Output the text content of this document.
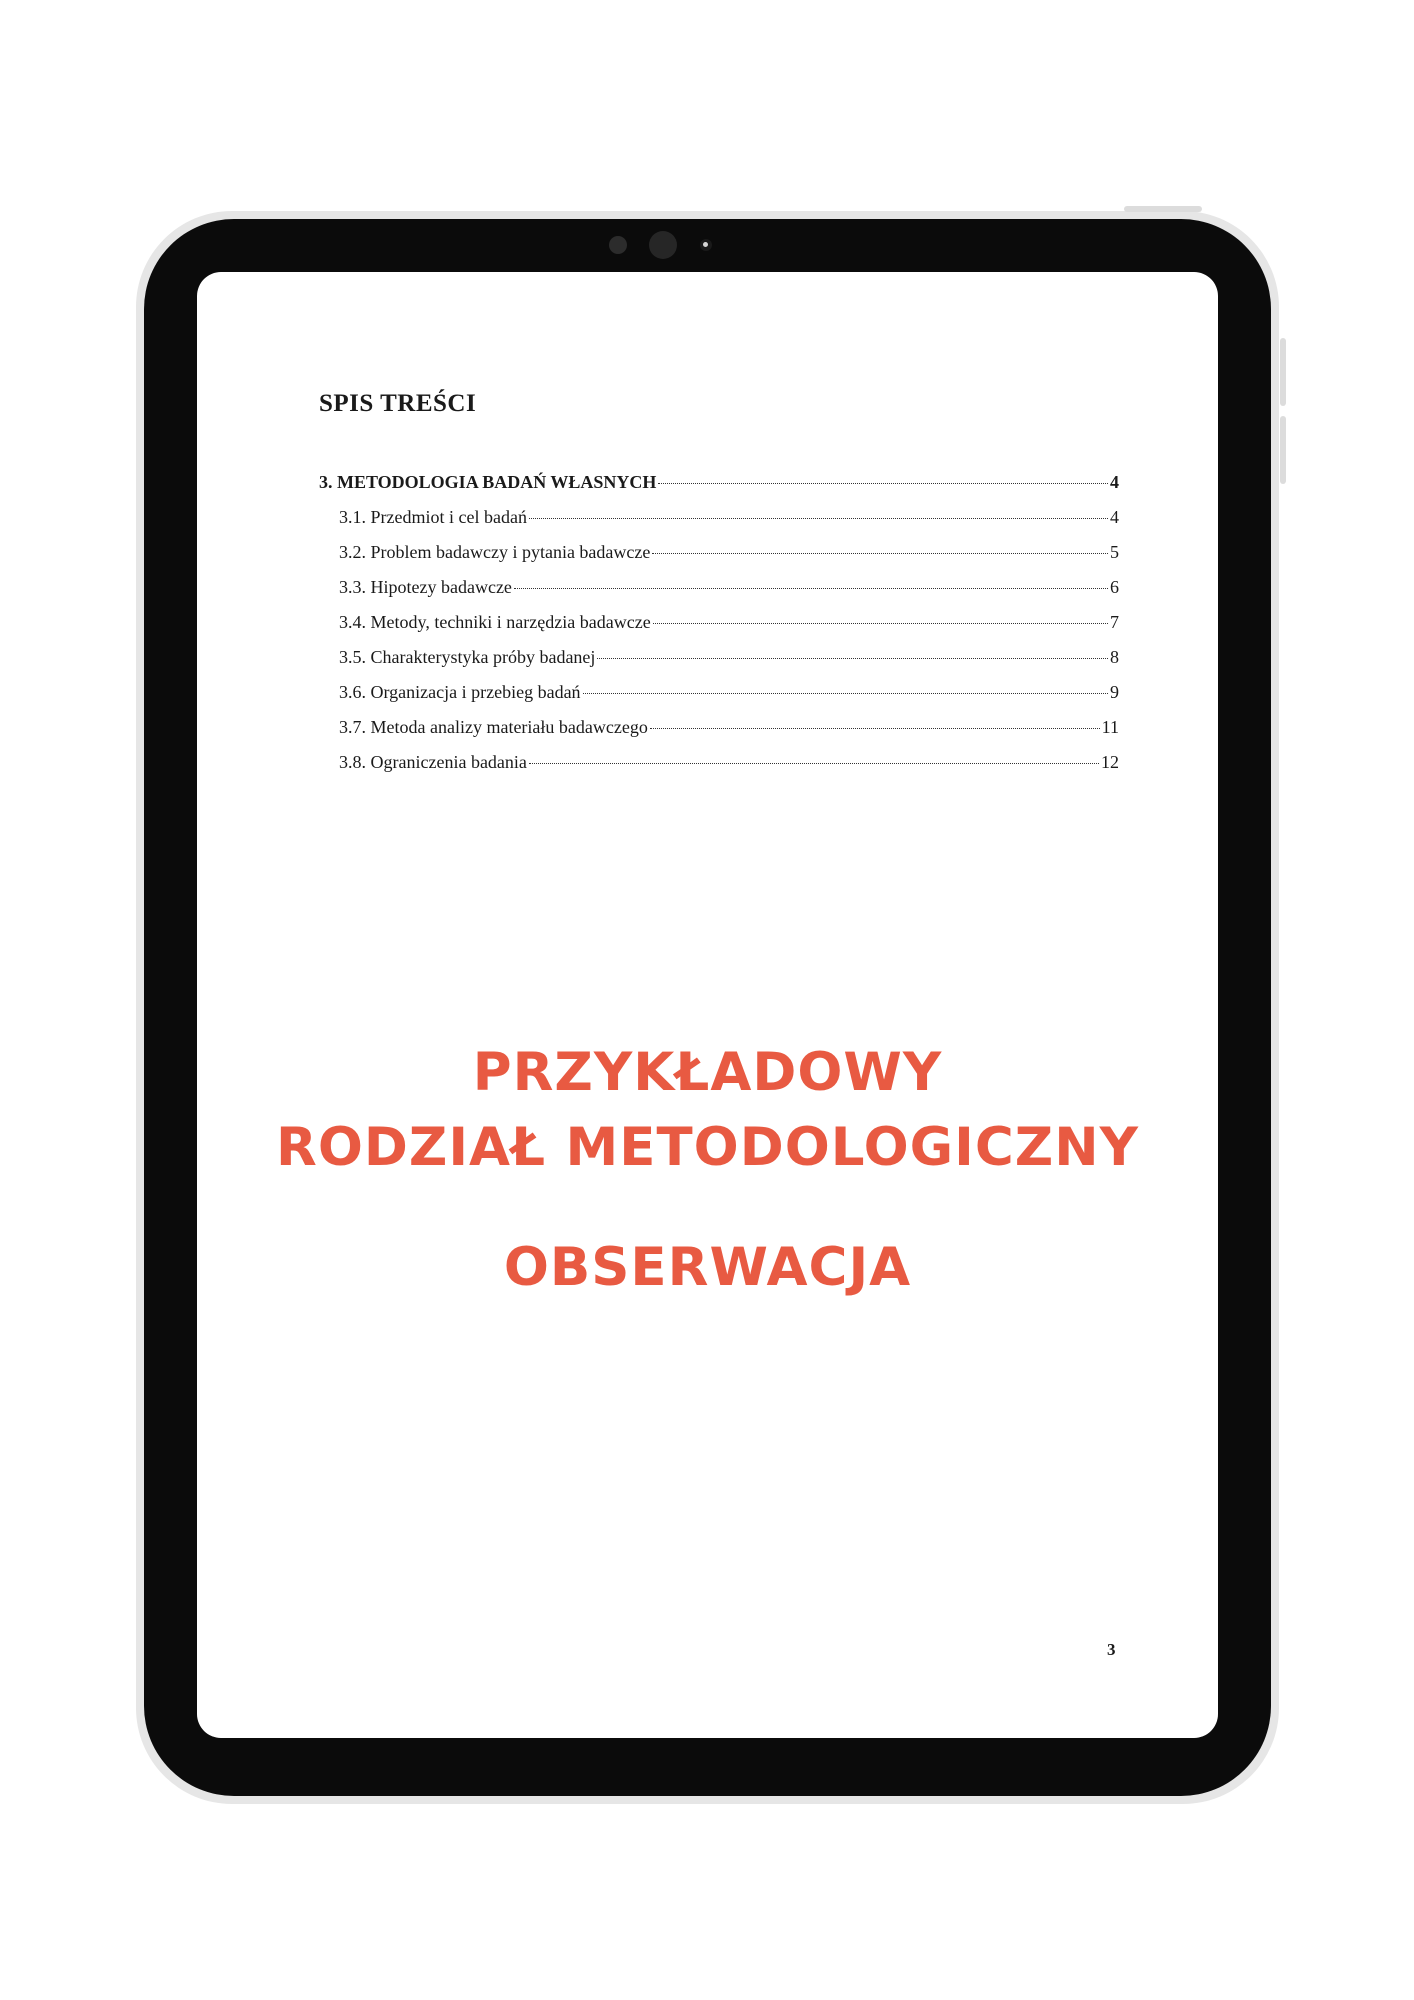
SPIS TREŚCI
3. METODOLOGIA BADAŃ WŁASNYCH	4
3.1. Przedmiot i cel badań	4
3.2. Problem badawczy i pytania badawcze	5
3.3. Hipotezy badawcze	6
3.4. Metody, techniki i narzędzia badawcze	7
3.5. Charakterystyka próby badanej	8
3.6. Organizacja i przebieg badań	9
3.7. Metoda analizy materiału badawczego	11
3.8. Ograniczenia badania	12
PRZYKŁADOWY
RODZIAŁ METODOLOGICZNY
OBSERWACJA
3
